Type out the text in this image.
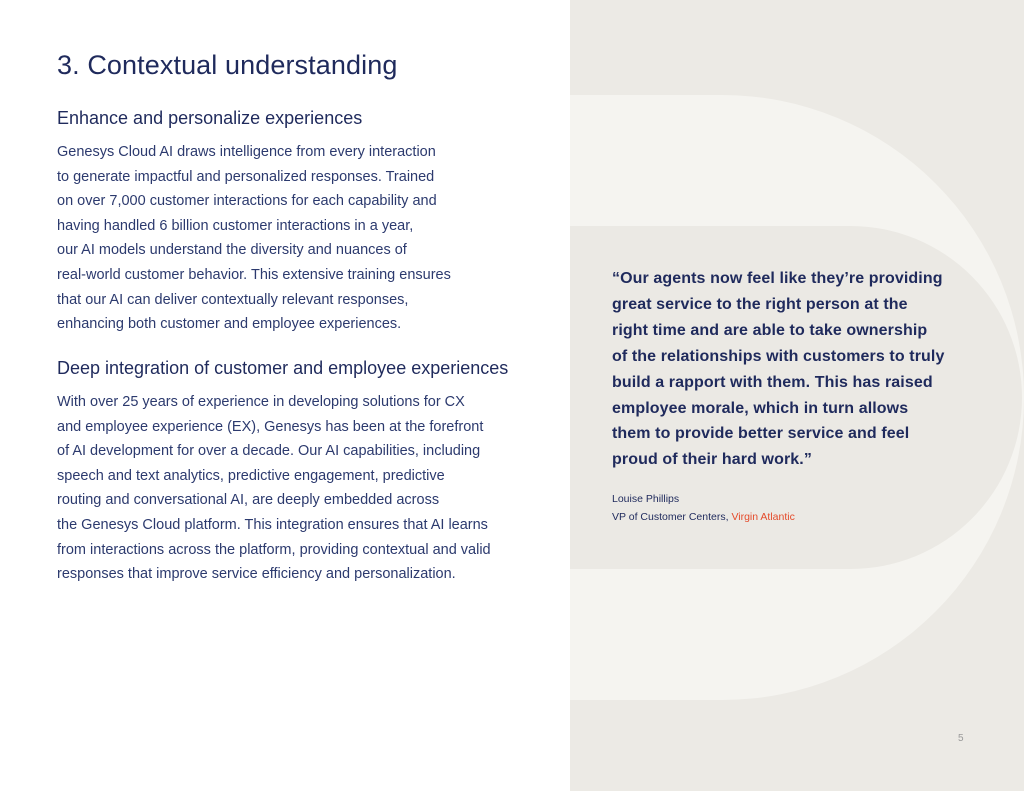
3. Contextual understanding
Enhance and personalize experiences
Genesys Cloud AI draws intelligence from every interaction
to generate impactful and personalized responses. Trained
on over 7,000 customer interactions for each capability and
having handled 6 billion customer interactions in a year,
our AI models understand the diversity and nuances of
real-world customer behavior. This extensive training ensures
that our AI can deliver contextually relevant responses,
enhancing both customer and employee experiences.
Deep integration of customer and employee experiences
With over 25 years of experience in developing solutions for CX
and employee experience (EX), Genesys has been at the forefront
of AI development for over a decade. Our AI capabilities, including
speech and text analytics, predictive engagement, predictive
routing and conversational AI, are deeply embedded across
the Genesys Cloud platform. This integration ensures that AI learns
from interactions across the platform, providing contextual and valid
responses that improve service efficiency and personalization.
“Our agents now feel like they’re providing
great service to the right person at the
right time and are able to take ownership
of the relationships with customers to truly
build a rapport with them. This has raised
employee morale, which in turn allows
them to provide better service and feel
proud of their hard work.”
Louise Phillips
VP of Customer Centers, Virgin Atlantic
5
